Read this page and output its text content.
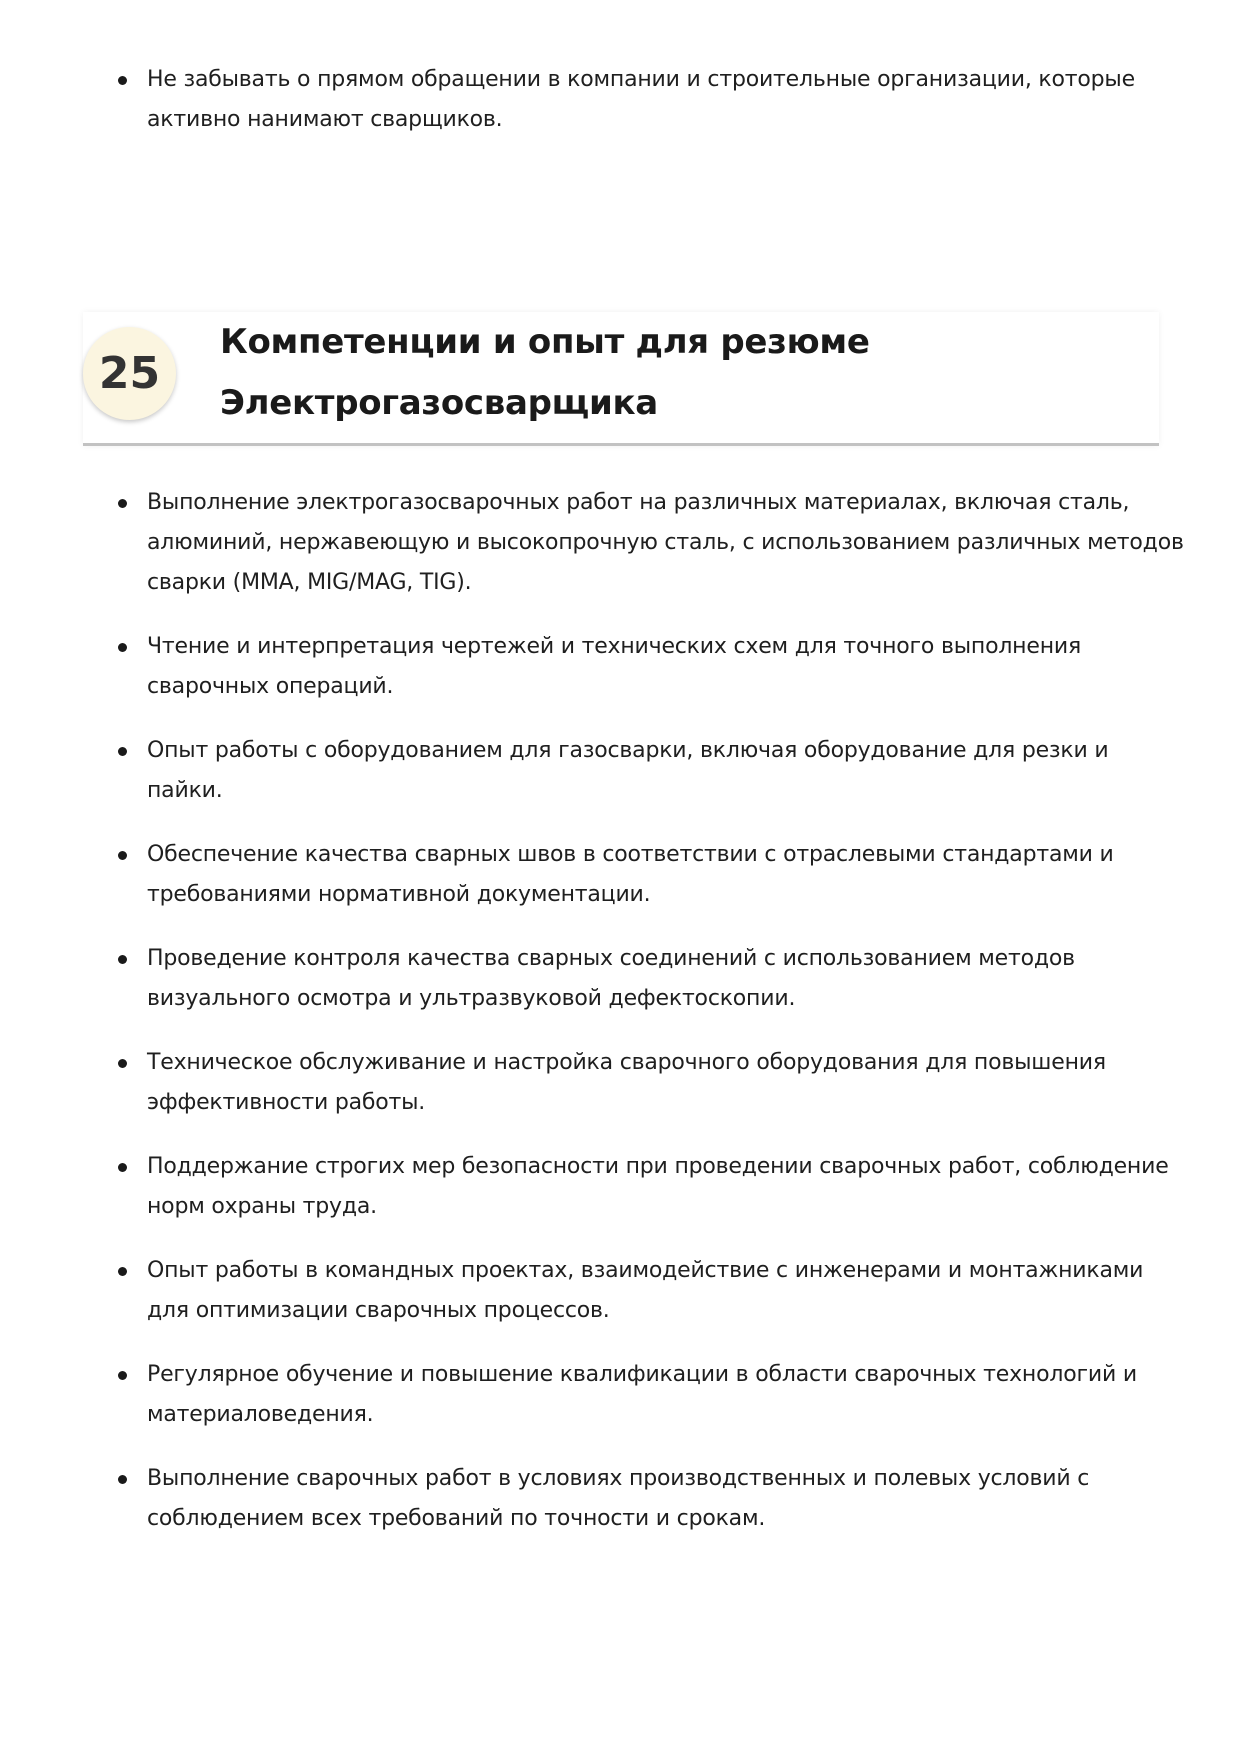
Не забывать о прямом обращении в компании и строительные организации, которые активно нанимают сварщиков.
25
Компетенции и опыт для резюме Электрогазосварщика
Выполнение электрогазосварочных работ на различных материалах, включая сталь, алюминий, нержавеющую и высокопрочную сталь, с использованием различных методов сварки (MMA, MIG/MAG, TIG).
Чтение и интерпретация чертежей и технических схем для точного выполнения сварочных операций.
Опыт работы с оборудованием для газосварки, включая оборудование для резки и пайки.
Обеспечение качества сварных швов в соответствии с отраслевыми стандартами и требованиями нормативной документации.
Проведение контроля качества сварных соединений с использованием методов визуального осмотра и ультразвуковой дефектоскопии.
Техническое обслуживание и настройка сварочного оборудования для повышения эффективности работы.
Поддержание строгих мер безопасности при проведении сварочных работ, соблюдение норм охраны труда.
Опыт работы в командных проектах, взаимодействие с инженерами и монтажниками для оптимизации сварочных процессов.
Регулярное обучение и повышение квалификации в области сварочных технологий и материаловедения.
Выполнение сварочных работ в условиях производственных и полевых условий с соблюдением всех требований по точности и срокам.
